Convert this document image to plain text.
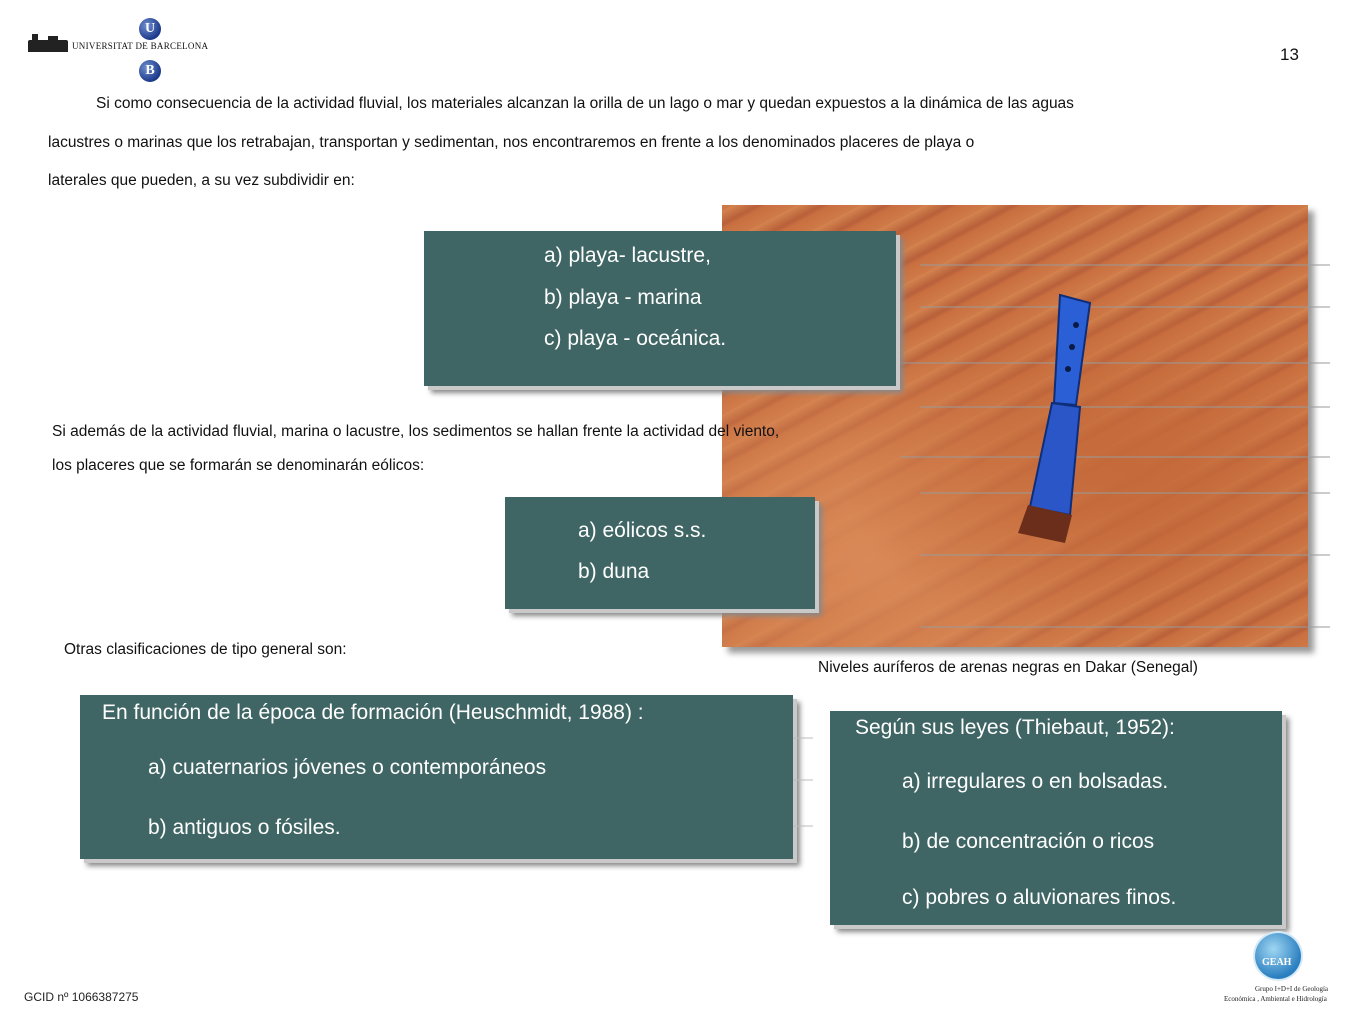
U
UNIVERSITAT DE BARCELONA
B
13
Si como consecuencia de la actividad fluvial, los materiales alcanzan la orilla de un lago o mar y quedan expuestos a la dinámica de las aguas
lacustres o marinas que los retrabajan, transportan y sedimentan, nos encontraremos en frente a los denominados placeres de playa o
laterales que pueden, a su vez subdividir en:
a) playa- lacustre,
b) playa - marina
c) playa - oceánica.
Si además de la actividad fluvial, marina o lacustre, los sedimentos se hallan frente la actividad del viento,
los placeres que se formarán se denominarán eólicos:
a) eólicos s.s.
b) duna
Otras clasificaciones de tipo general son:
Niveles auríferos de arenas negras en Dakar (Senegal)
En función de la época de formación (Heuschmidt, 1988) :
a) cuaternarios jóvenes o contemporáneos
b) antiguos o fósiles.
Según sus leyes (Thiebaut, 1952):
a) irregulares o en bolsadas.
b) de concentración o ricos
c) pobres o aluvionares finos.
GCID nº 1066387275
GEAH
Grupo I+D+I de Geología
Económica , Ambiental e Hidrología
